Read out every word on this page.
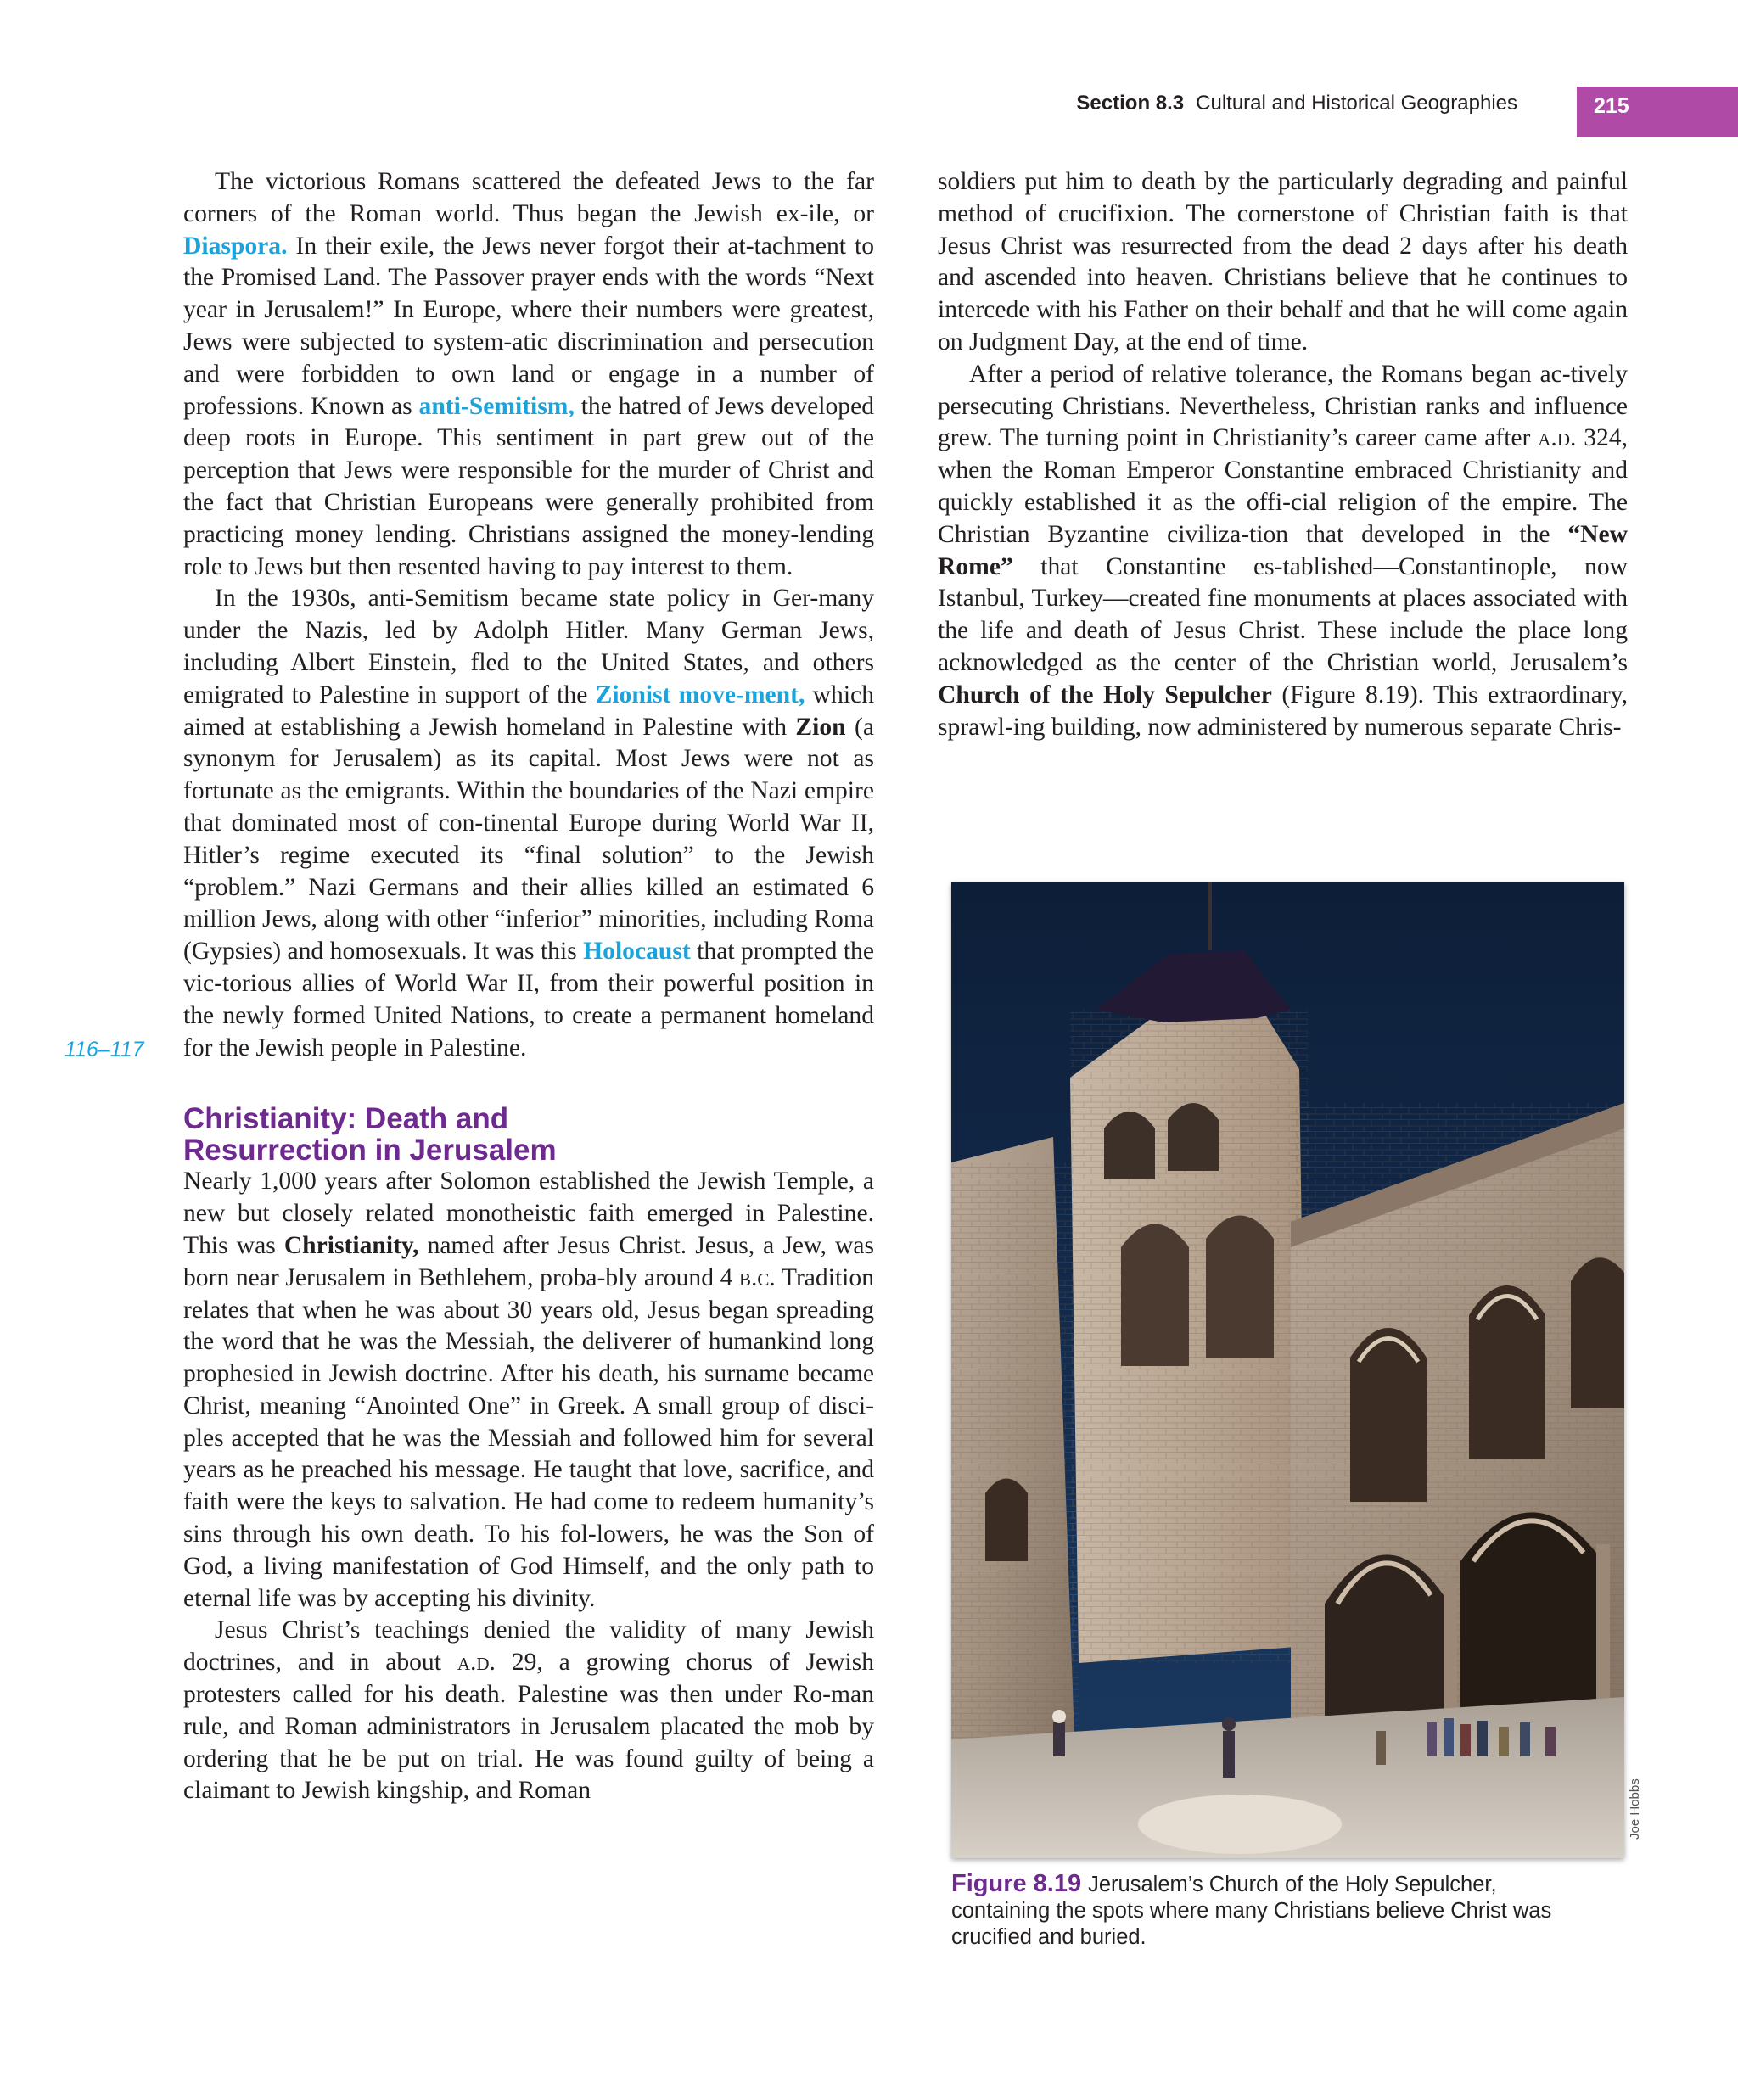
Section 8.3 Cultural and Historical Geographies	215
116–117

The victorious Romans scattered the defeated Jews to the far corners of the Roman world. Thus began the Jewish ex-ile, or Diaspora. In their exile, the Jews never forgot their at-tachment to the Promised Land. The Passover prayer ends with the words “Next year in Jerusalem!” In Europe, where their numbers were greatest, Jews were subjected to system-atic discrimination and persecution and were forbidden to own land or engage in a number of professions. Known as anti-Semitism, the hatred of Jews developed deep roots in Europe. This sentiment in part grew out of the perception that Jews were responsible for the murder of Christ and the fact that Christian Europeans were generally prohibited from practicing money lending. Christians assigned the money-lending role to Jews but then resented having to pay interest to them.

In the 1930s, anti-Semitism became state policy in Ger-many under the Nazis, led by Adolph Hitler. Many German Jews, including Albert Einstein, fled to the United States, and others emigrated to Palestine in support of the Zionist move-ment, which aimed at establishing a Jewish homeland in Palestine with Zion (a synonym for Jerusalem) as its capital. Most Jews were not as fortunate as the emigrants. Within the boundaries of the Nazi empire that dominated most of con-tinental Europe during World War II, Hitler’s regime executed its “final solution” to the Jewish “problem.” Nazi Germans and their allies killed an estimated 6 million Jews, along with other “inferior” minorities, including Roma (Gypsies) and homosexuals. It was this Holocaust that prompted the vic-torious allies of World War II, from their powerful position in the newly formed United Nations, to create a permanent homeland for the Jewish people in Palestine.

Christianity: Death and
Resurrection in Jerusalem

Nearly 1,000 years after Solomon established the Jewish Temple, a new but closely related monotheistic faith emerged in Palestine. This was Christianity, named after Jesus Christ. Jesus, a Jew, was born near Jerusalem in Bethlehem, proba-bly around 4 b.c. Tradition relates that when he was about 30 years old, Jesus began spreading the word that he was the Messiah, the deliverer of humankind long prophesied in Jewish doctrine. After his death, his surname became Christ, meaning “Anointed One” in Greek. A small group of disci-ples accepted that he was the Messiah and followed him for several years as he preached his message. He taught that love, sacrifice, and faith were the keys to salvation. He had come to redeem humanity’s sins through his own death. To his fol-lowers, he was the Son of God, a living manifestation of God Himself, and the only path to eternal life was by accepting his divinity.

Jesus Christ’s teachings denied the validity of many Jewish doctrines, and in about a.d. 29, a growing chorus of Jewish protesters called for his death. Palestine was then under Ro-man rule, and Roman administrators in Jerusalem placated the mob by ordering that he be put on trial. He was found guilty of being a claimant to Jewish kingship, and Roman

soldiers put him to death by the particularly degrading and painful method of crucifixion. The cornerstone of Christian faith is that Jesus Christ was resurrected from the dead 2 days after his death and ascended into heaven. Christians believe that he continues to intercede with his Father on their behalf and that he will come again on Judgment Day, at the end of time.

After a period of relative tolerance, the Romans began ac-tively persecuting Christians. Nevertheless, Christian ranks and influence grew. The turning point in Christianity’s career came after a.d. 324, when the Roman Emperor Constantine embraced Christianity and quickly established it as the offi-cial religion of the empire. The Christian Byzantine civiliza-tion that developed in the “New Rome” that Constantine es-tablished—Constantinople, now Istanbul, Turkey—created fine monuments at places associated with the life and death of Jesus Christ. These include the place long acknowledged as the center of the Christian world, Jerusalem’s Church of the Holy Sepulcher (Figure 8.19). This extraordinary, sprawl-ing building, now administered by numerous separate Chris-

Joe Hobbs
Figure 8.19 Jerusalem’s Church of the Holy Sepulcher, containing the spots where many Christians believe Christ was crucified and buried.
